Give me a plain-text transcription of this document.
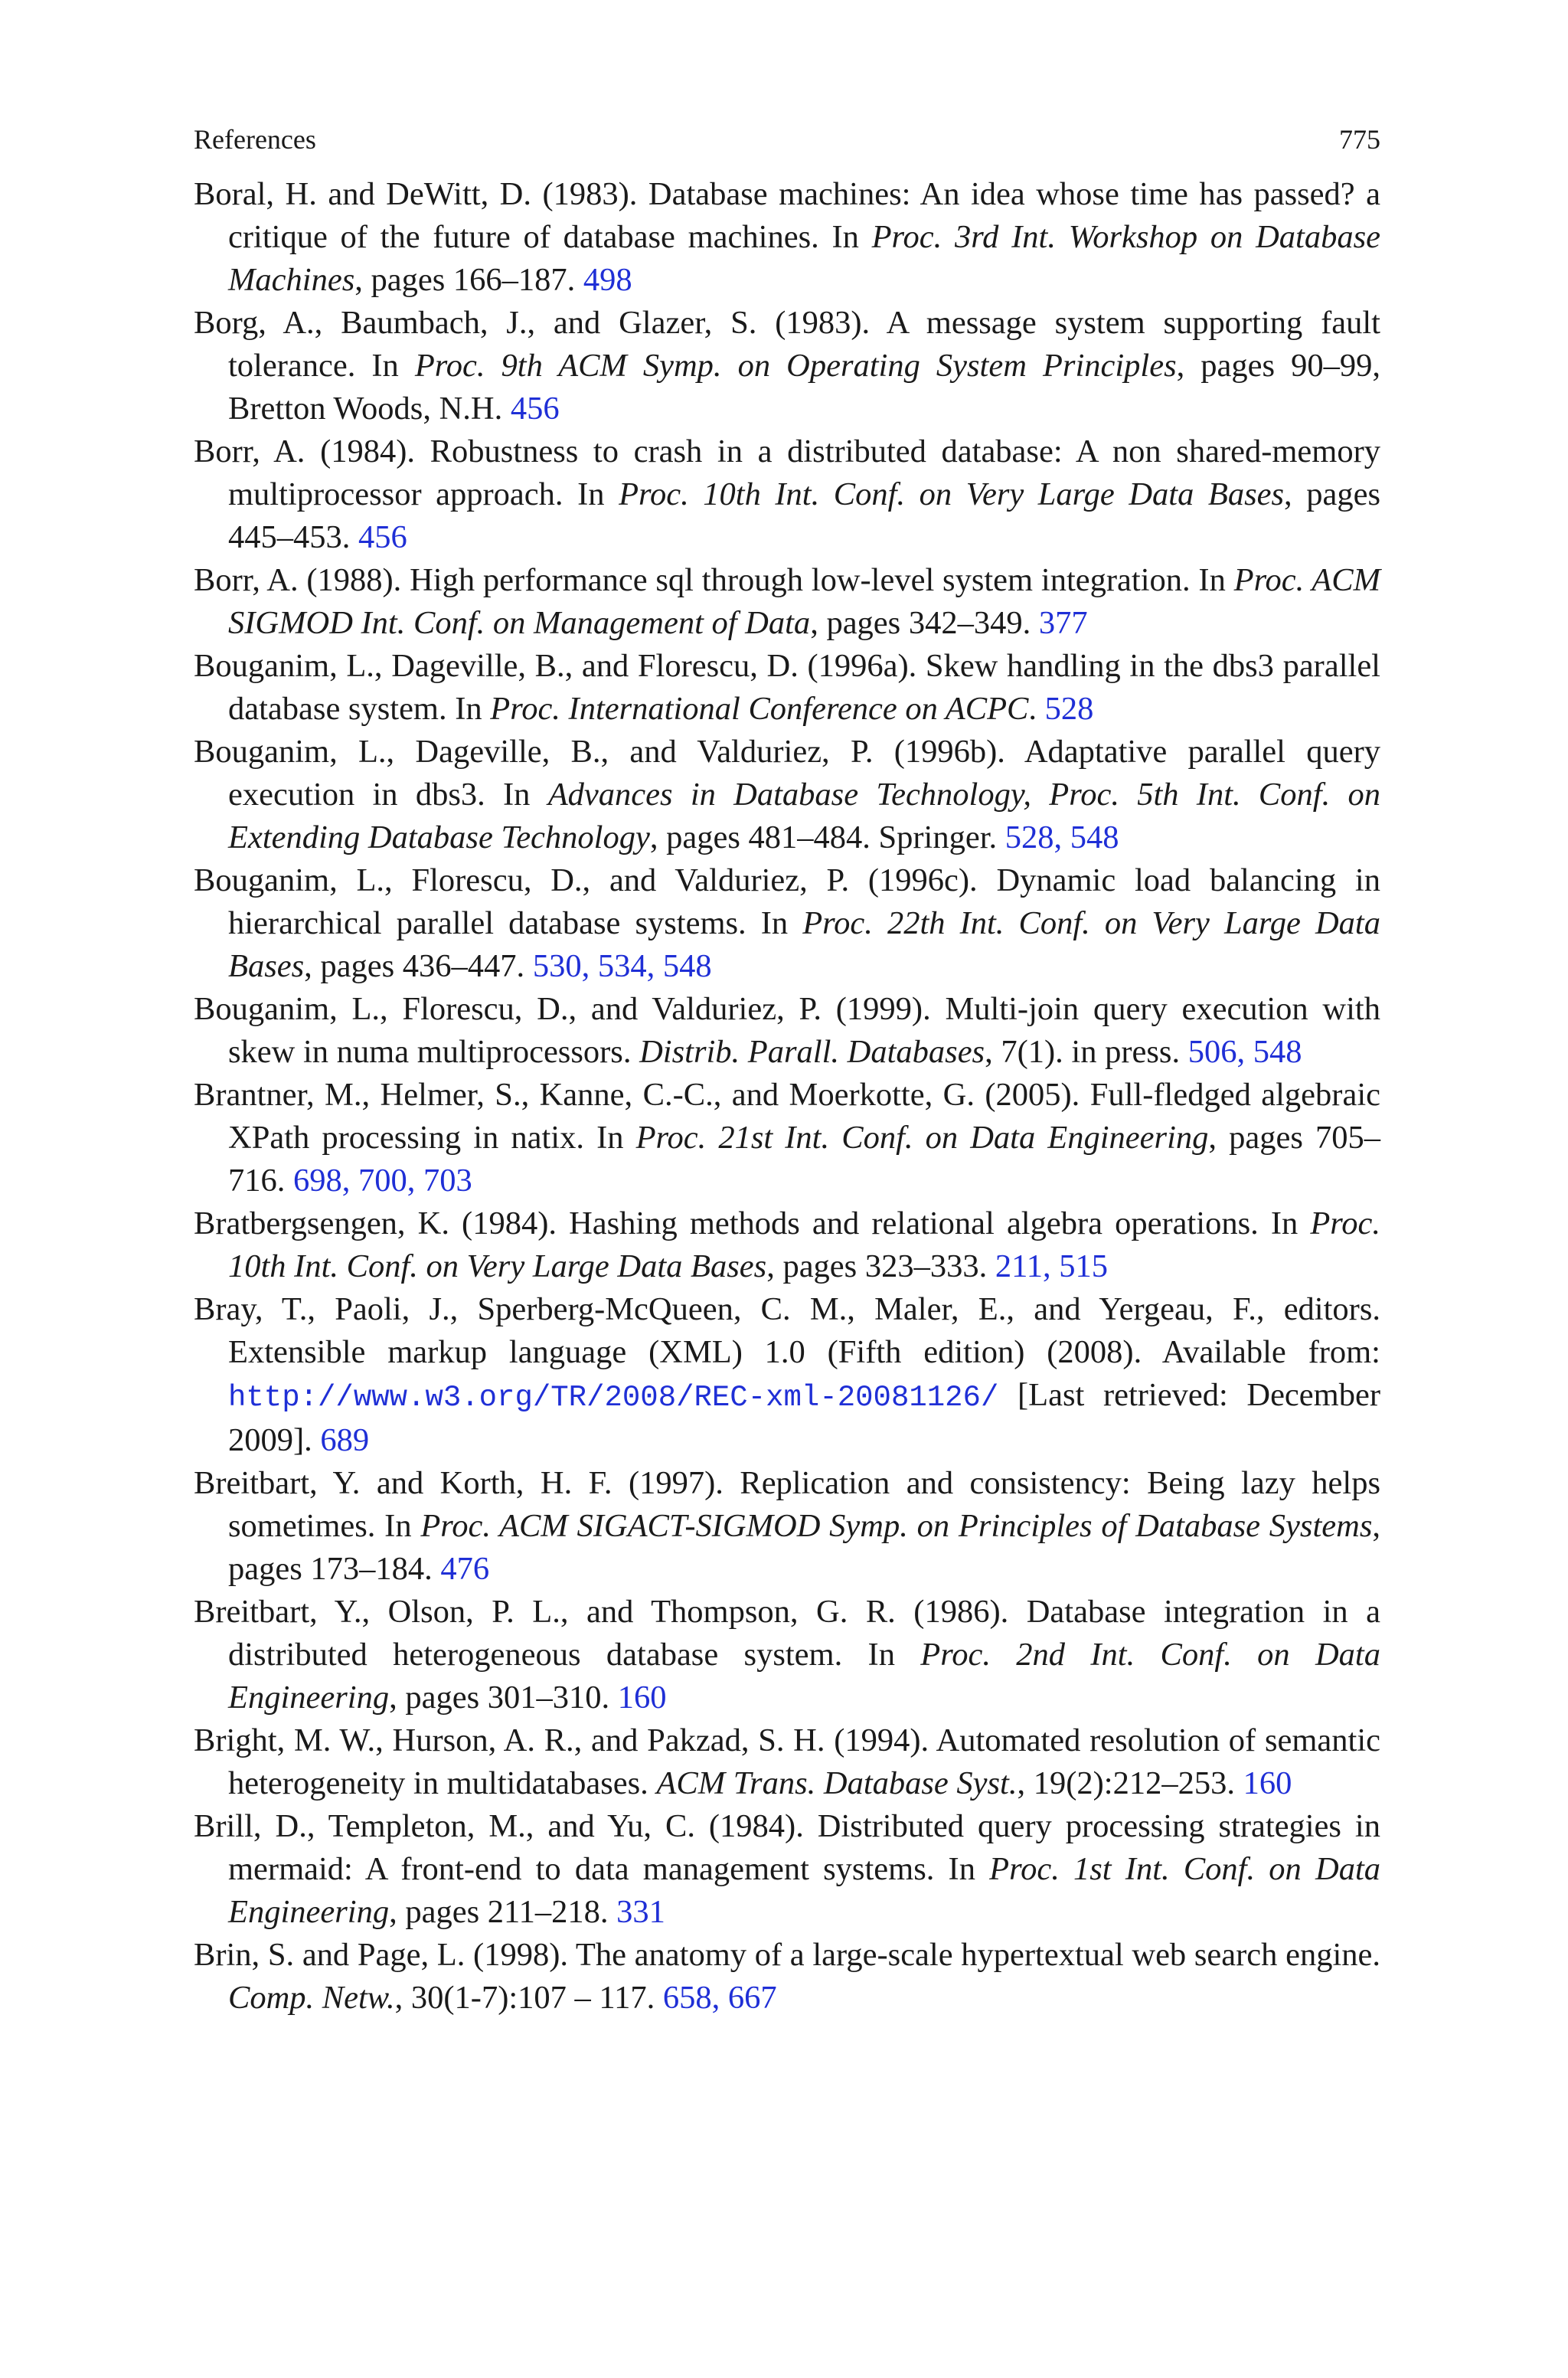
References	775

Boral, H. and DeWitt, D. (1983). Database machines: An idea whose time has passed? a critique of the future of database machines. In Proc. 3rd Int. Workshop on Database Machines, pages 166–187. 498

Borg, A., Baumbach, J., and Glazer, S. (1983). A message system supporting fault tolerance. In Proc. 9th ACM Symp. on Operating System Principles, pages 90–99, Bretton Woods, N.H. 456

Borr, A. (1984). Robustness to crash in a distributed database: A non shared-memory multiprocessor approach. In Proc. 10th Int. Conf. on Very Large Data Bases, pages 445–453. 456

Borr, A. (1988). High performance sql through low-level system integration. In Proc. ACM SIGMOD Int. Conf. on Management of Data, pages 342–349. 377

Bouganim, L., Dageville, B., and Florescu, D. (1996a). Skew handling in the dbs3 parallel database system. In Proc. International Conference on ACPC. 528

Bouganim, L., Dageville, B., and Valduriez, P. (1996b). Adaptative parallel query execution in dbs3. In Advances in Database Technology, Proc. 5th Int. Conf. on Extending Database Technology, pages 481–484. Springer. 528, 548

Bouganim, L., Florescu, D., and Valduriez, P. (1996c). Dynamic load balancing in hierarchical parallel database systems. In Proc. 22th Int. Conf. on Very Large Data Bases, pages 436–447. 530, 534, 548

Bouganim, L., Florescu, D., and Valduriez, P. (1999). Multi-join query execution with skew in numa multiprocessors. Distrib. Parall. Databases, 7(1). in press. 506, 548

Brantner, M., Helmer, S., Kanne, C.-C., and Moerkotte, G. (2005). Full-fledged algebraic XPath processing in natix. In Proc. 21st Int. Conf. on Data Engineering, pages 705–716. 698, 700, 703

Bratbergsengen, K. (1984). Hashing methods and relational algebra operations. In Proc. 10th Int. Conf. on Very Large Data Bases, pages 323–333. 211, 515

Bray, T., Paoli, J., Sperberg-McQueen, C. M., Maler, E., and Yergeau, F., editors. Extensible markup language (XML) 1.0 (Fifth edition) (2008). Available from: http://www.w3.org/TR/2008/REC-xml-20081126/ [Last retrieved: December 2009]. 689

Breitbart, Y. and Korth, H. F. (1997). Replication and consistency: Being lazy helps sometimes. In Proc. ACM SIGACT-SIGMOD Symp. on Principles of Database Systems, pages 173–184. 476

Breitbart, Y., Olson, P. L., and Thompson, G. R. (1986). Database integration in a distributed heterogeneous database system. In Proc. 2nd Int. Conf. on Data Engineering, pages 301–310. 160

Bright, M. W., Hurson, A. R., and Pakzad, S. H. (1994). Automated resolution of semantic heterogeneity in multidatabases. ACM Trans. Database Syst., 19(2):212–253. 160

Brill, D., Templeton, M., and Yu, C. (1984). Distributed query processing strategies in mermaid: A front-end to data management systems. In Proc. 1st Int. Conf. on Data Engineering, pages 211–218. 331

Brin, S. and Page, L. (1998). The anatomy of a large-scale hypertextual web search engine. Comp. Netw., 30(1-7):107 – 117. 658, 667
